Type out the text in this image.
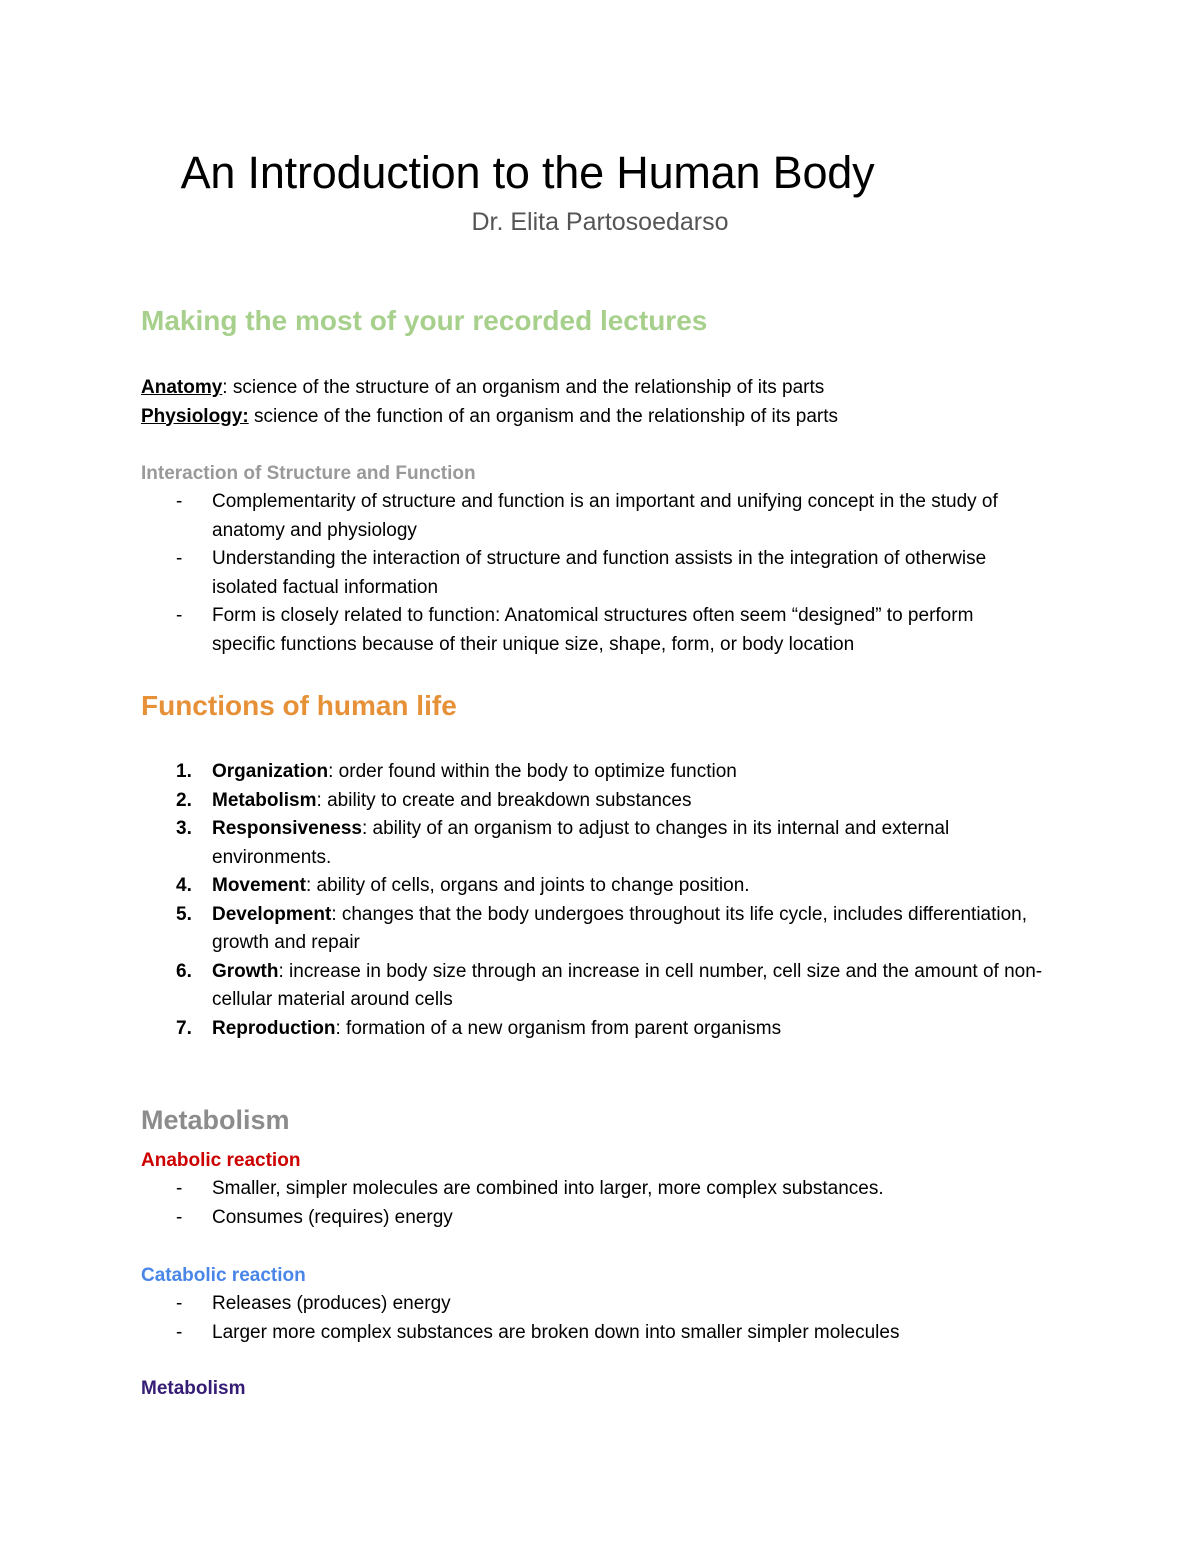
An Introduction to the Human Body

Dr. Elita Partosoedarso

Making the most of your recorded lectures

Anatomy: science of the structure of an organism and the relationship of its parts

Physiology: science of the function of an organism and the relationship of its parts

Interaction of Structure and Function
- Complementarity of structure and function is an important and unifying concept in the study of anatomy and physiology
- Understanding the interaction of structure and function assists in the integration of otherwise isolated factual information
- Form is closely related to function: Anatomical structures often seem “designed” to perform specific functions because of their unique size, shape, form, or body location
Functions of human life
1. Organization: order found within the body to optimize function
2. Metabolism: ability to create and breakdown substances
3. Responsiveness: ability of an organism to adjust to changes in its internal and external environments.
4. Movement: ability of cells, organs and joints to change position.
5. Development: changes that the body undergoes throughout its life cycle, includes differentiation, growth and repair
6. Growth: increase in body size through an increase in cell number, cell size and the amount of non-cellular material around cells
7. Reproduction: formation of a new organism from parent organisms
Metabolism
Anabolic reaction
- Smaller, simpler molecules are combined into larger, more complex substances.
- Consumes (requires) energy
Catabolic reaction
- Releases (produces) energy
- Larger more complex substances are broken down into smaller simpler molecules
Metabolism
